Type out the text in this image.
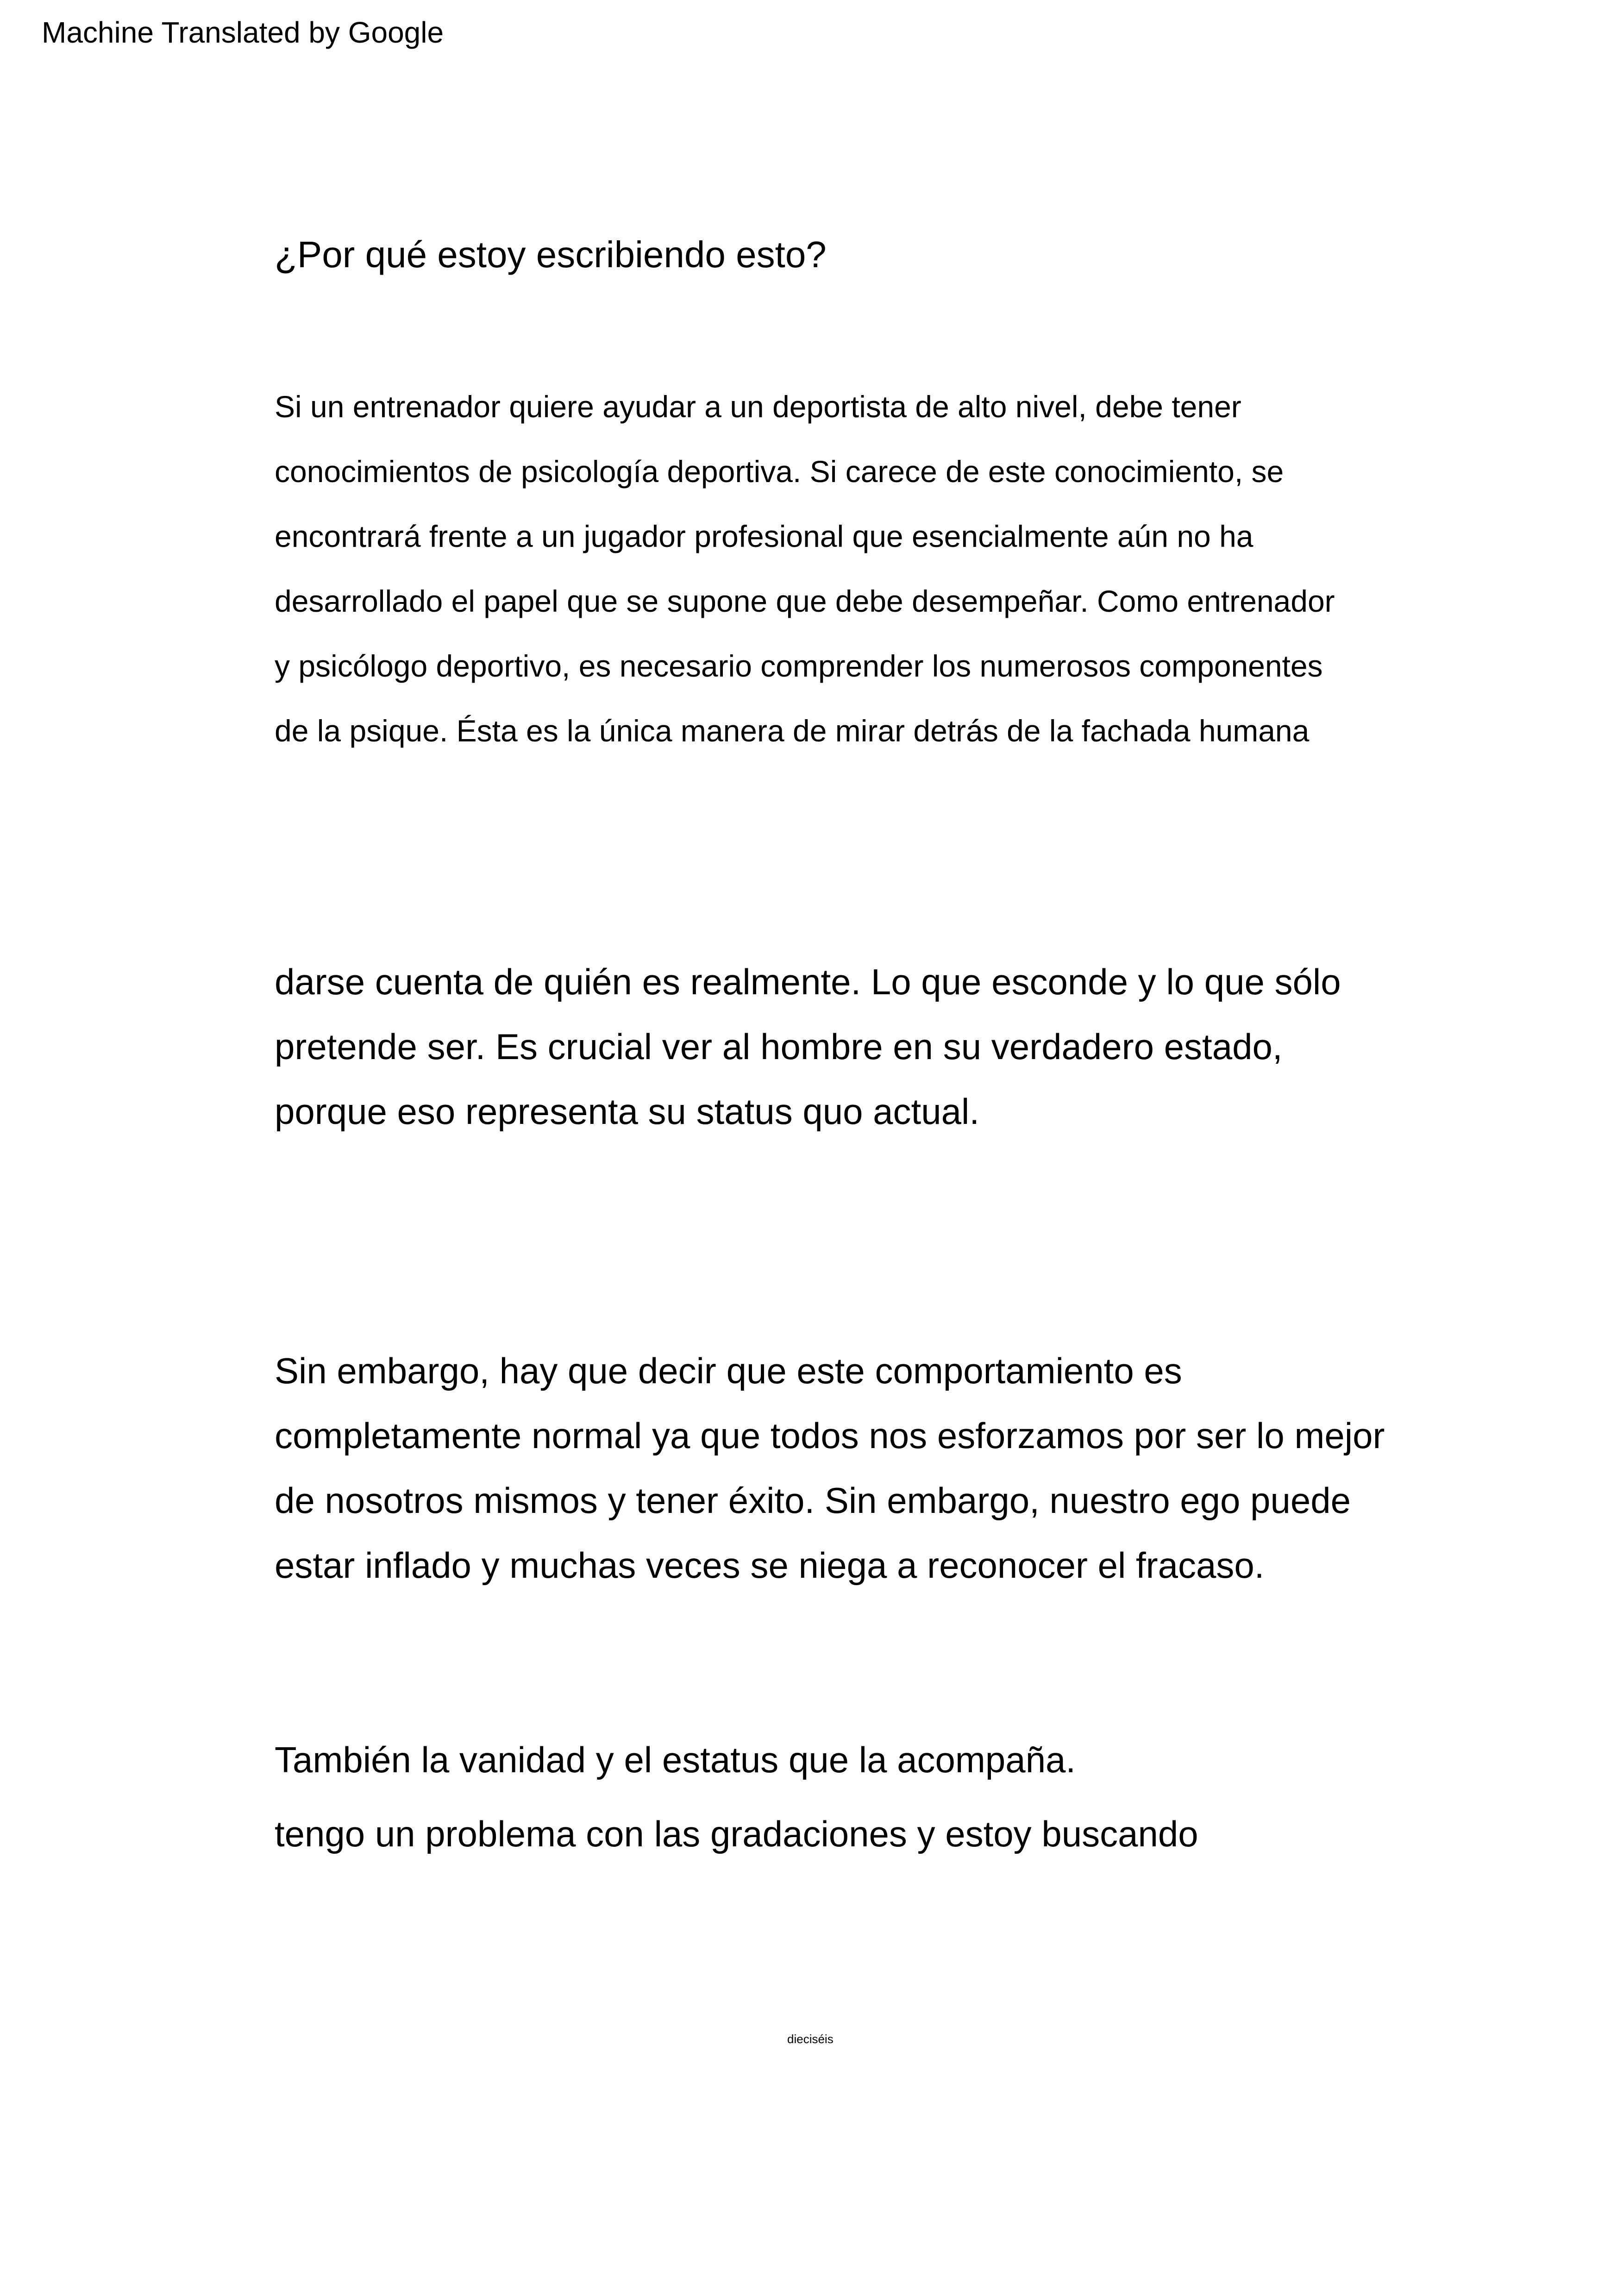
Machine Translated by Google
¿Por qué estoy escribiendo esto?

Si un entrenador quiere ayudar a un deportista de alto nivel, debe tener
conocimientos de psicología deportiva. Si carece de este conocimiento, se
encontrará frente a un jugador profesional que esencialmente aún no ha
desarrollado el papel que se supone que debe desempeñar. Como entrenador
y psicólogo deportivo, es necesario comprender los numerosos componentes
de la psique. Ésta es la única manera de mirar detrás de la fachada humana

darse cuenta de quién es realmente. Lo que esconde y lo que sólo
pretende ser. Es crucial ver al hombre en su verdadero estado,
porque eso representa su status quo actual.

Sin embargo, hay que decir que este comportamiento es
completamente normal ya que todos nos esforzamos por ser lo mejor
de nosotros mismos y tener éxito. Sin embargo, nuestro ego puede
estar inflado y muchas veces se niega a reconocer el fracaso.

También la vanidad y el estatus que la acompaña.
tengo un problema con las gradaciones y estoy buscando

dieciséis
